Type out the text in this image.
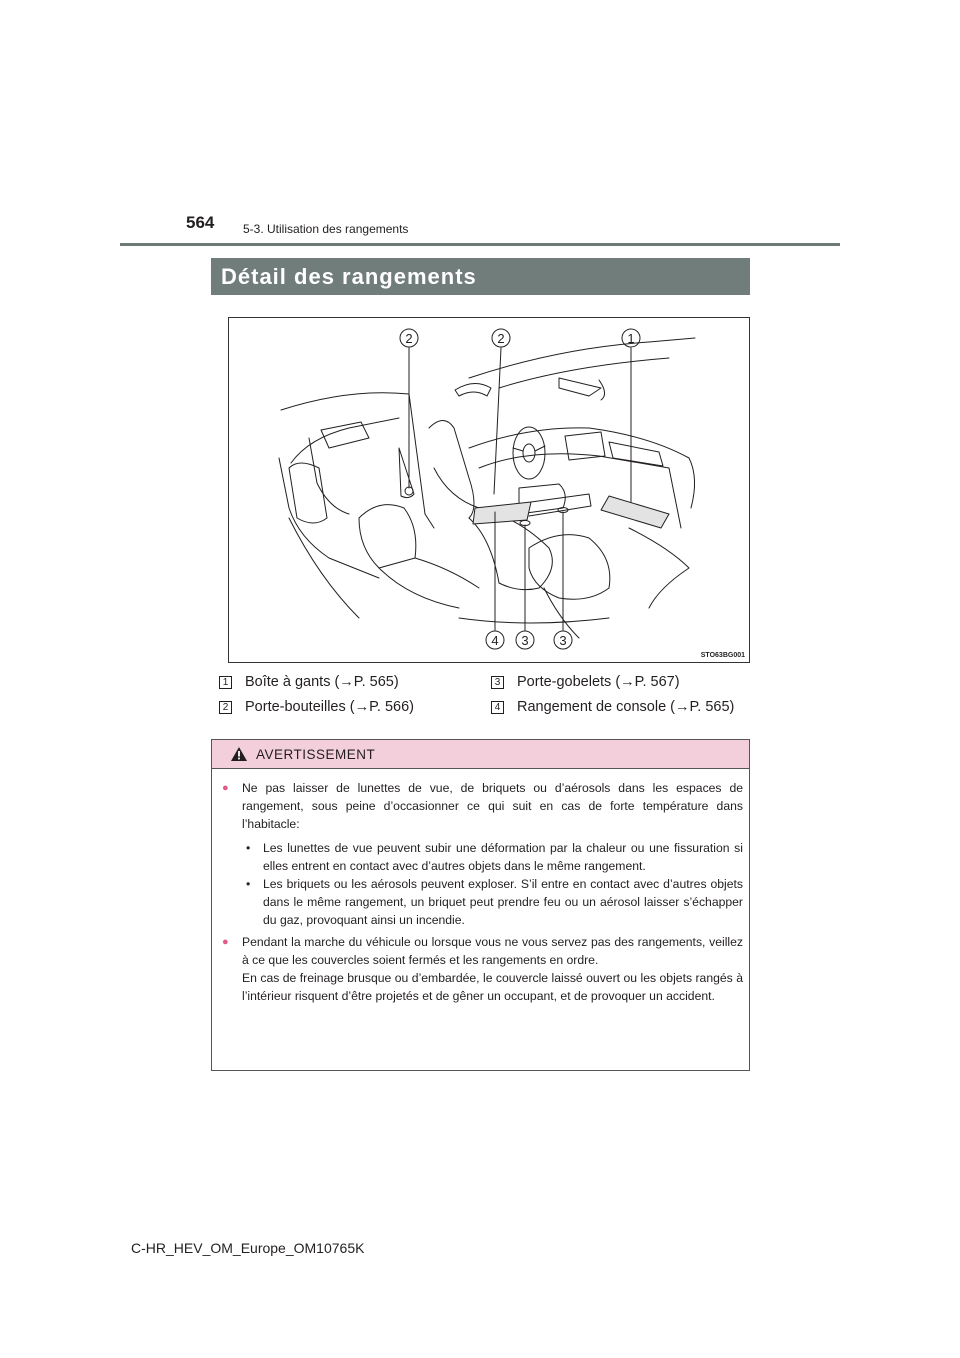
564 5-3. Utilisation des rangements
Détail des rangements
2	2	1
4 3 3
STO63BG001
1 Boîte à gants (→P. 565)
2 Porte-bouteilles (→P. 566)
3 Porte-gobelets (→P. 567)
4 Rangement de console (→P. 565)
AVERTISSEMENT
●	Ne pas laisser de lunettes de vue, de briquets ou d’aérosols dans les espaces de rangement, sous peine d’occasionner ce qui suit en cas de forte température dans l’habitacle:
•	Les lunettes de vue peuvent subir une déformation par la chaleur ou une fissuration si elles entrent en contact avec d’autres objets dans le même rangement.
•	Les briquets ou les aérosols peuvent exploser. S’il entre en contact avec d’autres objets dans le même rangement, un briquet peut prendre feu ou un aérosol laisser s’échapper du gaz, provoquant ainsi un incendie.
●	Pendant la marche du véhicule ou lorsque vous ne vous servez pas des rangements, veillez à ce que les couvercles soient fermés et les rangements en ordre.
En cas de freinage brusque ou d’embardée, le couvercle laissé ouvert ou les objets rangés à l’intérieur risquent d’être projetés et de gêner un occupant, et de provoquer un accident.
C-HR_HEV_OM_Europe_OM10765K
